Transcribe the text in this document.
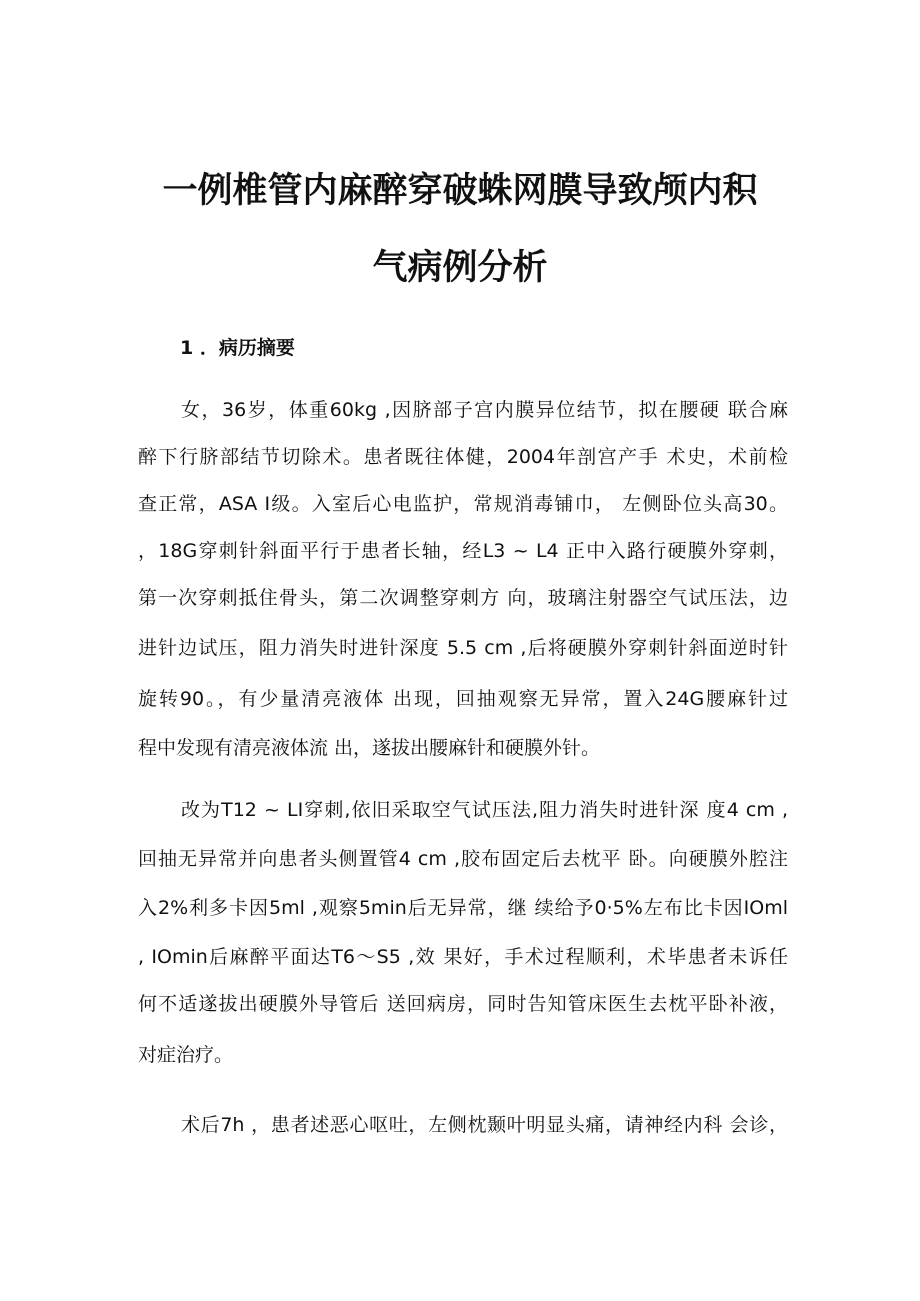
一例椎管内麻醉穿破蛛网膜导致颅内积
气病例分析
1 ．病历摘要
女，36岁，体重60kg ,因脐部子宫内膜异位结节，拟在腰硬 联合麻
醉下行脐部结节切除术。患者既往体健，2004年剖宫产手 术史，术前检
查正常，ASA I级。入室后心电监护，常规消毒铺巾， 左侧卧位头高30。
，18G穿刺针斜面平行于患者长轴，经L3 ~ L4 正中入路行硬膜外穿刺，
第一次穿刺抵住骨头，第二次调整穿刺方 向，玻璃注射器空气试压法，边
进针边试压，阻力消失时进针深度 5.5 cm ,后将硬膜外穿刺针斜面逆时针
旋转90。，有少量清亮液体 出现，回抽观察无异常，置入24G腰麻针过
程中发现有清亮液体流 出，遂拔出腰麻针和硬膜外针。
改为T12 ~ LI穿刺,依旧采取空气试压法,阻力消失时进针深 度4 cm ,
回抽无异常并向患者头侧置管4 cm ,胶布固定后去枕平 卧。向硬膜外腔注
入2%利多卡因5ml ,观察5min后无异常，继 续给予0·5%左布比卡因IOml
, IOmin后麻醉平面达T6～S5 ,效 果好，手术过程顺利，术毕患者未诉任
何不适遂拔出硬膜外导管后 送回病房，同时告知管床医生去枕平卧补液，
对症治疗。
术后7h ，患者述恶心呕吐，左侧枕颞叶明显头痛，请神经内科 会诊，
